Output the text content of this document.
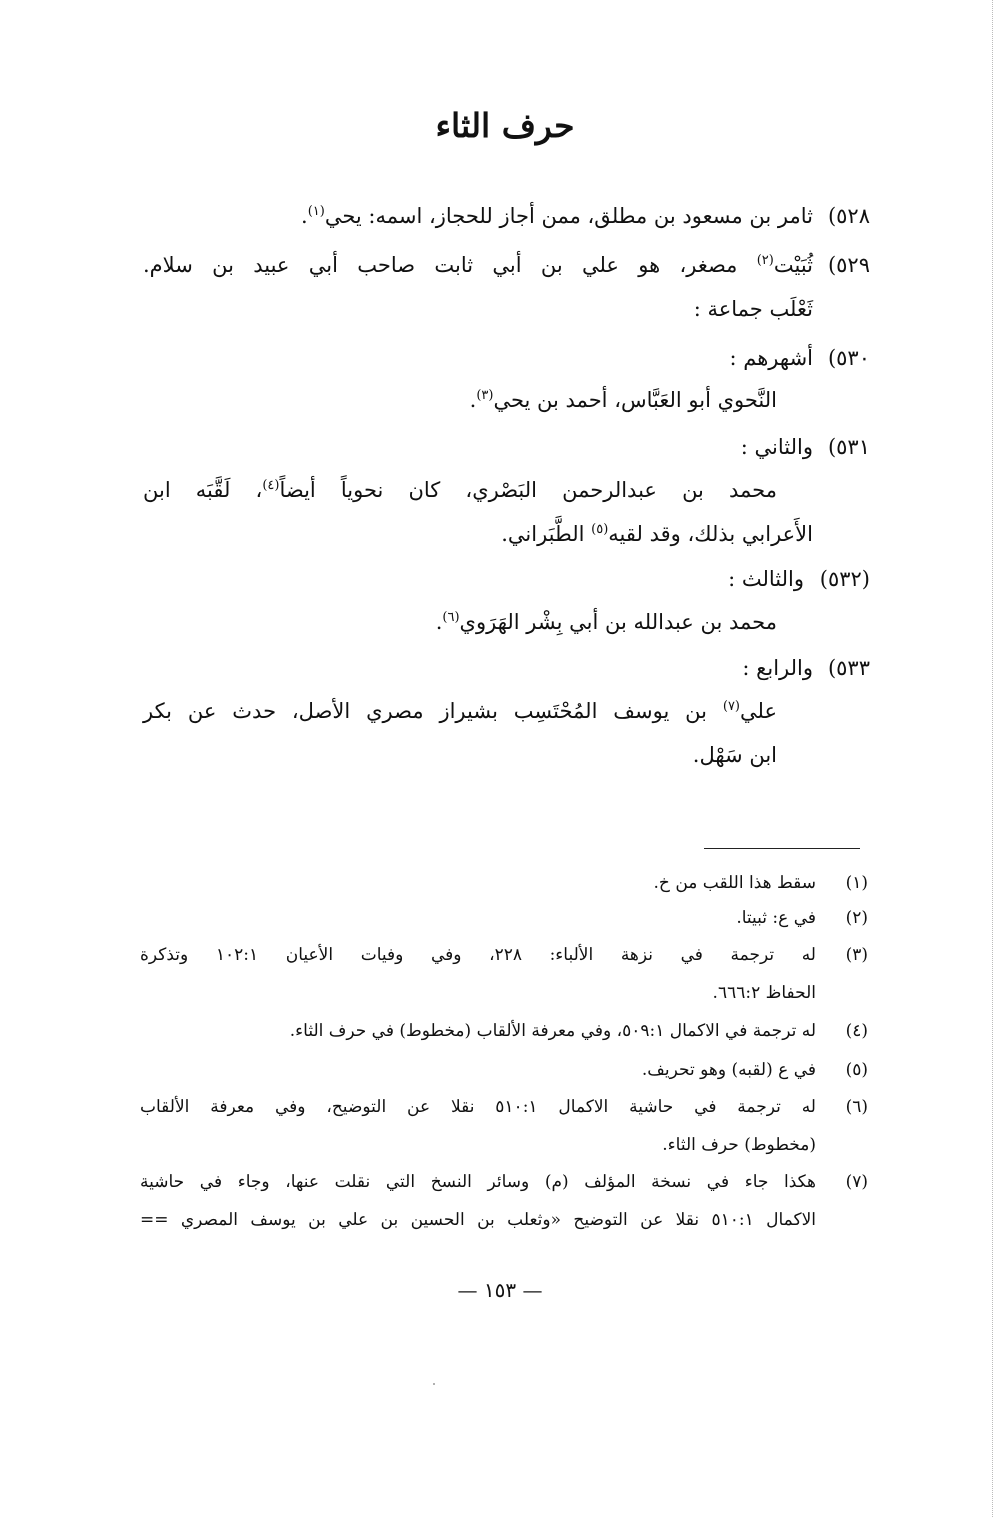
حرف الثاء
٥٢٨)
ثامر بن مسعود بن مطلق، ممن أجاز للحجاز، اسمه: يحي$^{(١)}$.
٥٢٩)
ثُبَيْت$^{(٢)}$ مصغر، هو علي بن أبي ثابت صاحب أبي عبيد بن سلام.
ثَعْلَب جماعة :
٥٣٠)
أشهرهم :
النَّحوي أبو العَبَّاس، أحمد بن يحي$^{(٣)}$.
٥٣١)
والثاني :
محمد بن عبدالرحمن البَصْري، كان نحوياً أيضاً$^{(٤)}$، لَقَّبَه ابن
الأَعرابي بذلك، وقد لقيه$^{(٥)}$ الطَّبَراني.
(٥٣٢)
والثالث :
محمد بن عبدالله بن أبي بِشْر الهَرَوي$^{(٦)}$.
٥٣٣)
والرابع :
علي$^{(٧)}$ بن يوسف المُحْتَسِب بشيراز مصري الأصل، حدث عن بكر
ابن سَهْل.
(١)
سقط هذا اللقب من خ.
(٢)
في ع: ثبيتا.
(٣)
له ترجمة في نزهة الألباء: ٢٢٨، وفي وفيات الأعيان ١٠٢:١ وتذكرة
الحفاظ ٦٦٦:٢.
(٤)
له ترجمة في الاكمال ٥٠٩:١، وفي معرفة الألقاب (مخطوط) في حرف الثاء.
(٥)
في ع (لقبه) وهو تحريف.
(٦)
له ترجمة في حاشية الاكمال ٥١٠:١ نقلا عن التوضيح، وفي معرفة الألقاب
(مخطوط) حرف الثاء.
(٧)
هكذا جاء في نسخة المؤلف (م) وسائر النسخ التي نقلت عنها، وجاء في حاشية
الاكمال ٥١٠:١ نقلا عن التوضيح «وثعلب بن الحسين بن علي بن يوسف المصري ==
— ١٥٣ —
